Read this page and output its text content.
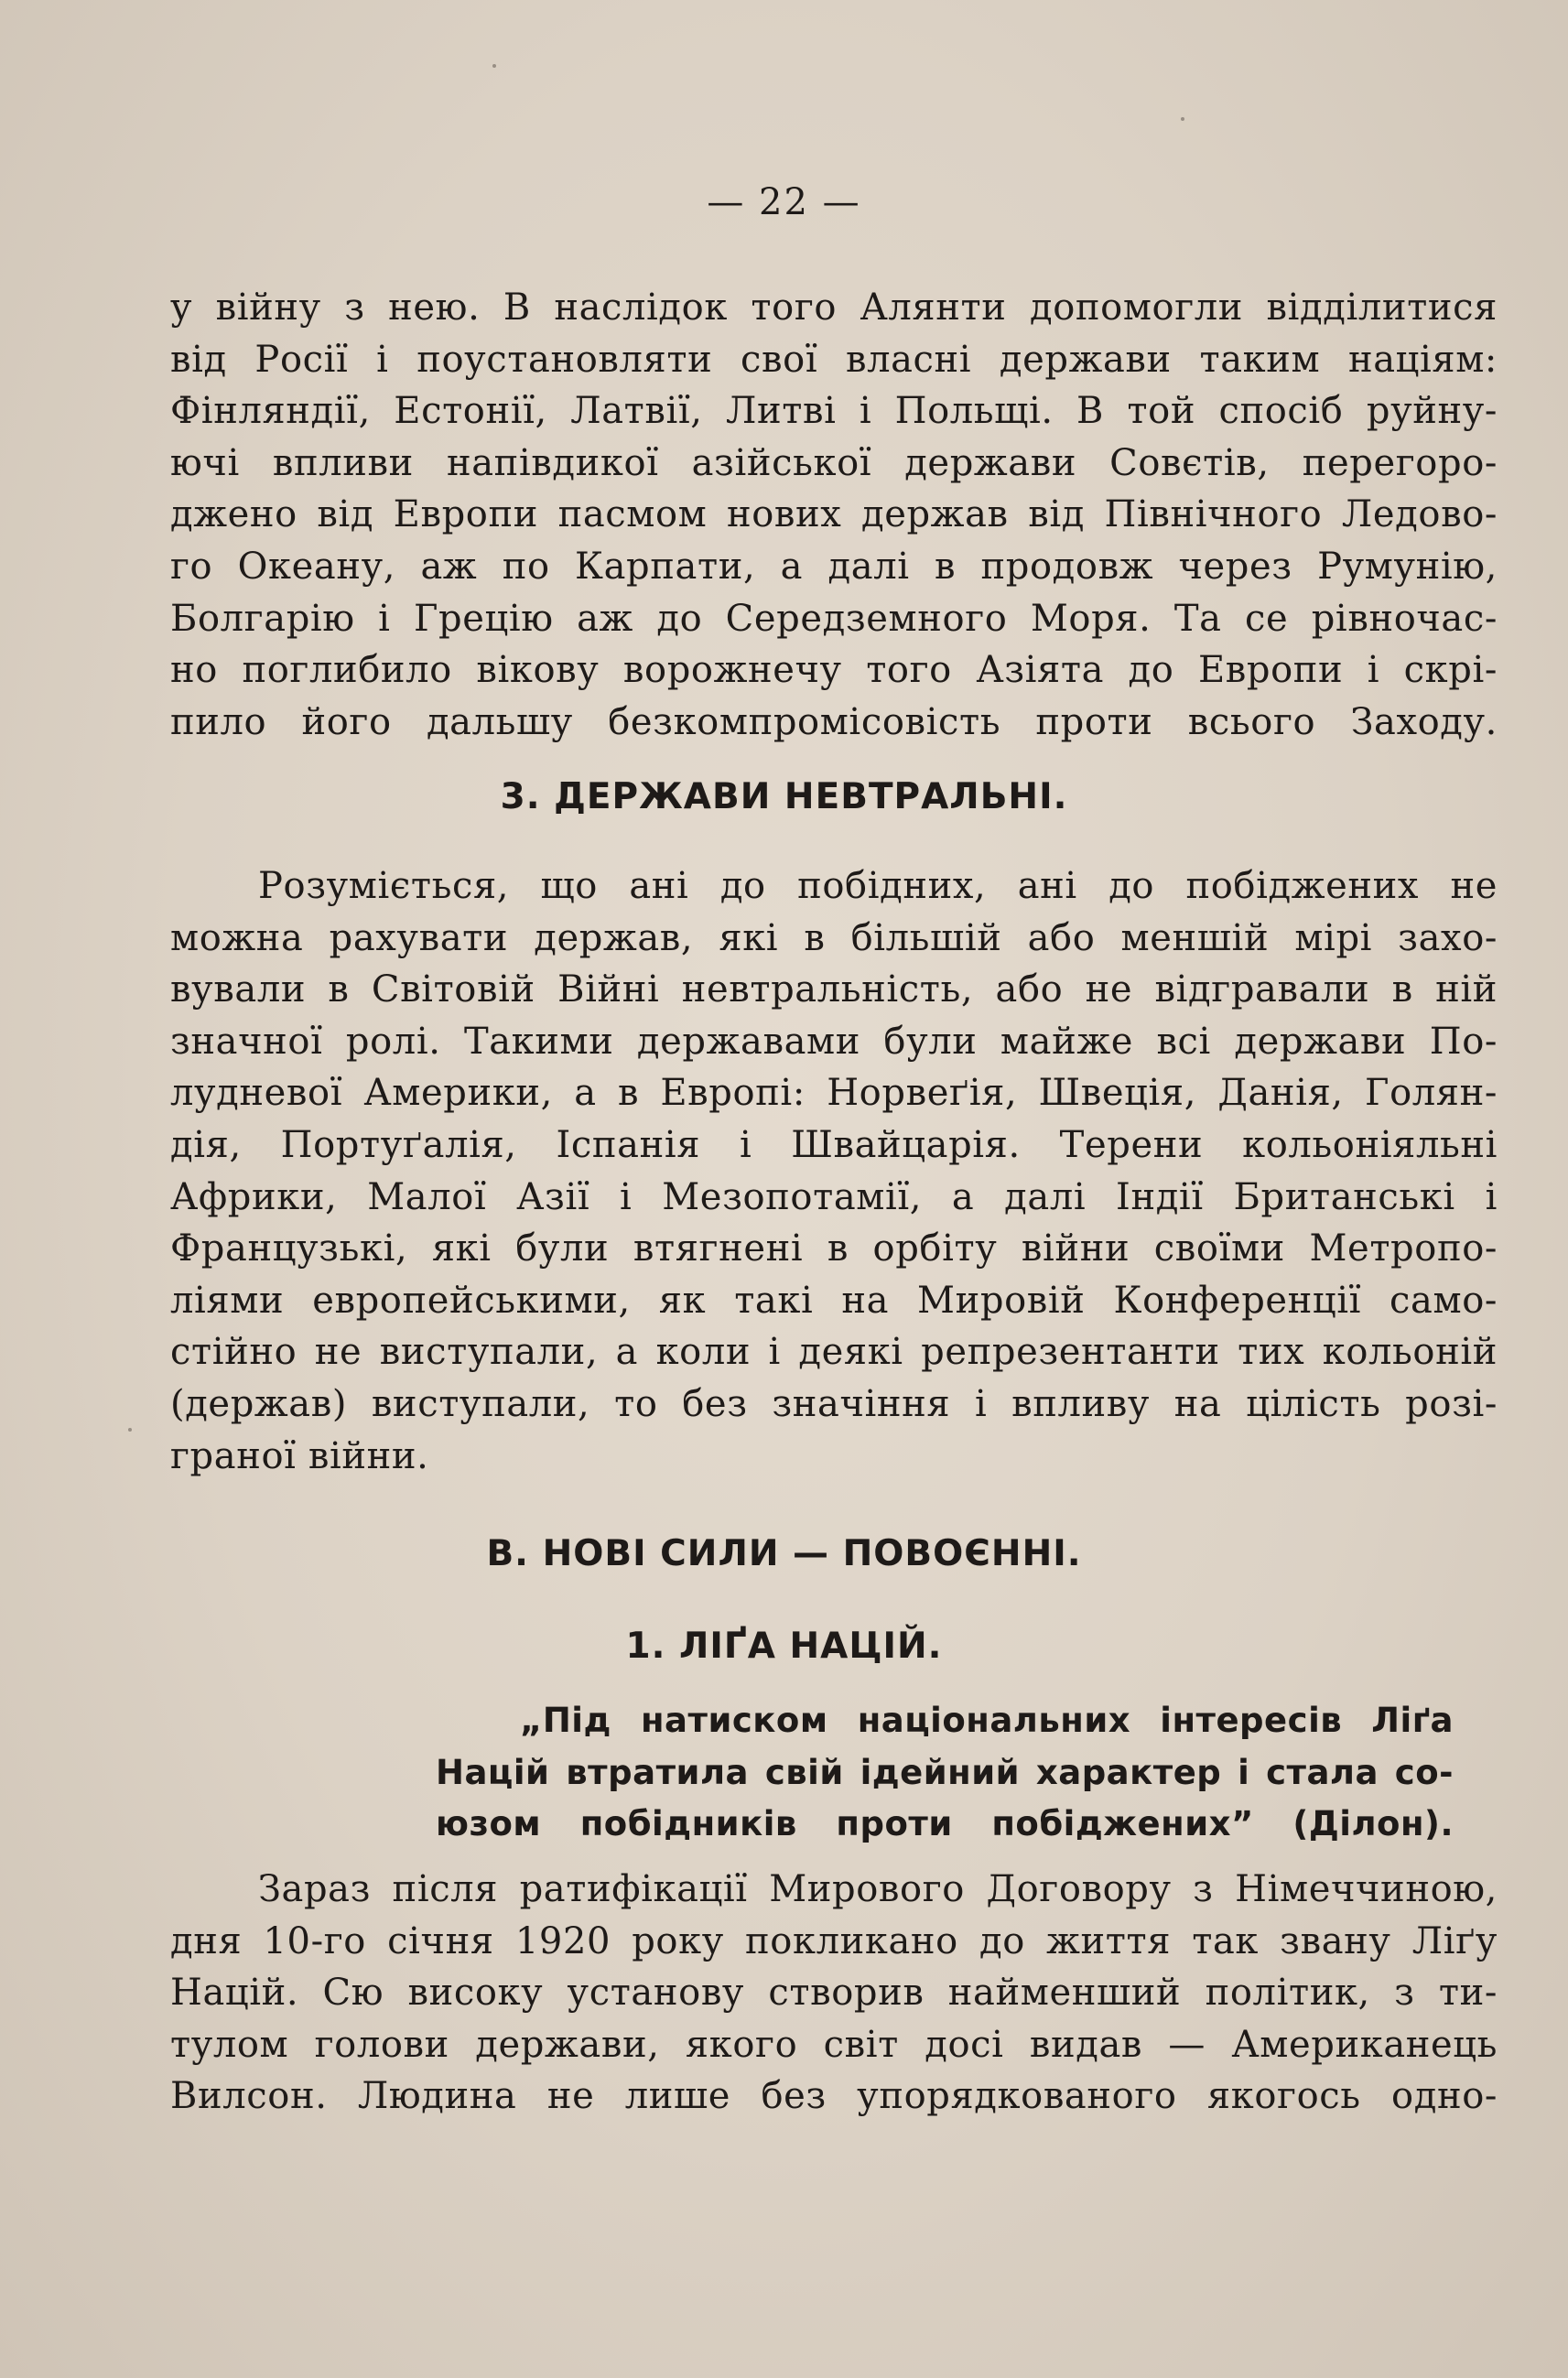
— 22 —
у війну з нею. В наслідок того Алянти допомогли відділитися
від Росії і поустановляти свої власні держави таким націям:
Фінляндії, Естонії, Латвії, Литві і Польщі. В той спосіб руйну-
ючі впливи напівдикої азійської держави Совєтів, перегоро-
джено від Европи пасмом нових держав від Північного Ледово-
го Океану, аж по Карпати, а далі в продовж через Румунію,
Болгарію і Грецію аж до Середземного Моря. Та се рівночас-
но поглибило вікову ворожнечу того Азіята до Европи і скрі-
пило його дальшу безкомпромісовість проти всього Заходу.
3. ДЕРЖАВИ НЕВТРАЛЬНІ.
Розуміється, що ані до побідних, ані до побіджених не
можна рахувати держав, які в більшій або меншій мірі захо-
вували в Світовій Війні невтральність, або не відгравали в ній
значної ролі. Такими державами були майже всі держави По-
лудневої Америки, а в Европі: Норвеґія, Швеція, Данія, Голян-
дія, Портуґалія, Іспанія і Швайцарія. Терени кольоніяльні
Африки, Малої Азії і Мезопотамії, а далі Індії Британські і
Французькі, які були втягнені в орбіту війни своїми Метропо-
ліями европейськими, як такі на Мировій Конференції само-
стійно не виступали, а коли і деякі репрезентанти тих кольоній
(держав) виступали, то без значіння і впливу на цілість розі-
граної війни.
В. НОВІ СИЛИ — ПОВОЄННІ.
1. ЛІҐА НАЦІЙ.
„Під натиском національних інтересів Ліґа
Націй втратила свій ідейний характер і стала со-
юзом побідників проти побіджених” (Ділон).
Зараз після ратифікації Мирового Договору з Німеччиною,
дня 10-го січня 1920 року покликано до життя так звану Ліґу
Націй. Сю високу установу створив найменший політик, з ти-
тулом голови держави, якого світ досі видав — Американець
Вилсон. Людина не лише без упорядкованого якогось одно-
